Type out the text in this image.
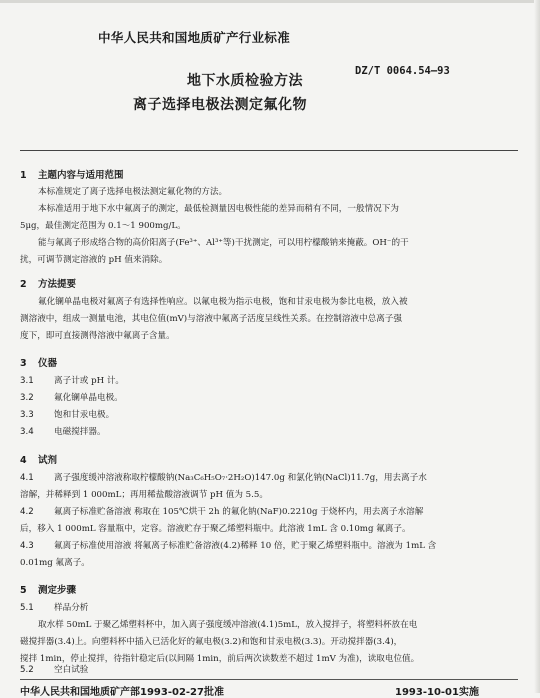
中华人民共和国地质矿产行业标准
DZ/T 0064.54—93
地下水质检验方法
离子选择电极法测定氟化物
1 主题内容与适用范围

本标准规定了离子选择电极法测定氟化物的方法。

本标准适用于地下水中氟离子的测定，最低检测量因电极性能的差异而稍有不同，一般情况下为

5μg，最佳测定范围为 0.1～1 900mg/L。

能与氟离子形成络合物的高价阳离子(Fe³⁺、Al³⁺等)干扰测定，可以用柠檬酸钠来掩蔽。OH⁻的干

扰，可调节测定溶液的 pH 值来消除。

2 方法提要

氟化镧单晶电极对氟离子有选择性响应。以氟电极为指示电极，饱和甘汞电极为参比电极，放入被

测溶液中，组成一测量电池，其电位值(mV)与溶液中氟离子活度呈线性关系。在控制溶液中总离子强

度下，即可直接测得溶液中氟离子含量。

3 仪器
3.1 离子计或 pH 计。
3.2 氟化镧单晶电极。
3.3 饱和甘汞电极。
3.4 电磁搅拌器。
4 试剂
4.1 离子强度缓冲溶液称取柠檬酸钠(Na₃C₆H₅O₇·2H₂O)147.0g 和氯化钠(NaCl)11.7g，用去离子水
溶解，并稀释到 1 000mL；再用稀盐酸溶液调节 pH 值为 5.5。
4.2 氟离子标准贮备溶液 称取在 105℃烘干 2h 的氟化钠(NaF)0.2210g 于烧杯内，用去离子水溶解
后，移入 1 000mL 容量瓶中，定容。溶液贮存于聚乙烯塑料瓶中。此溶液 1mL 含 0.10mg 氟离子。
4.3 氟离子标准使用溶液 将氟离子标准贮备溶液(4.2)稀释 10 倍，贮于聚乙烯塑料瓶中。溶液为 1mL 含
0.01mg 氟离子。
5 测定步骤
5.1 样品分析

取水样 50mL 于聚乙烯塑料杯中，加入离子强度缓冲溶液(4.1)5mL，放入搅拌子，将塑料杯放在电

磁搅拌器(3.4)上。向塑料杯中插入已活化好的氟电极(3.2)和饱和甘汞电极(3.3)。开动搅拌器(3.4)，

搅拌 1min，停止搅拌，待指针稳定后(以间隔 1min，前后两次读数差不超过 1mV 为准)，读取电位值。

5.2 空白试验
中华人民共和国地质矿产部1993-02-27批准	1993-10-01实施
